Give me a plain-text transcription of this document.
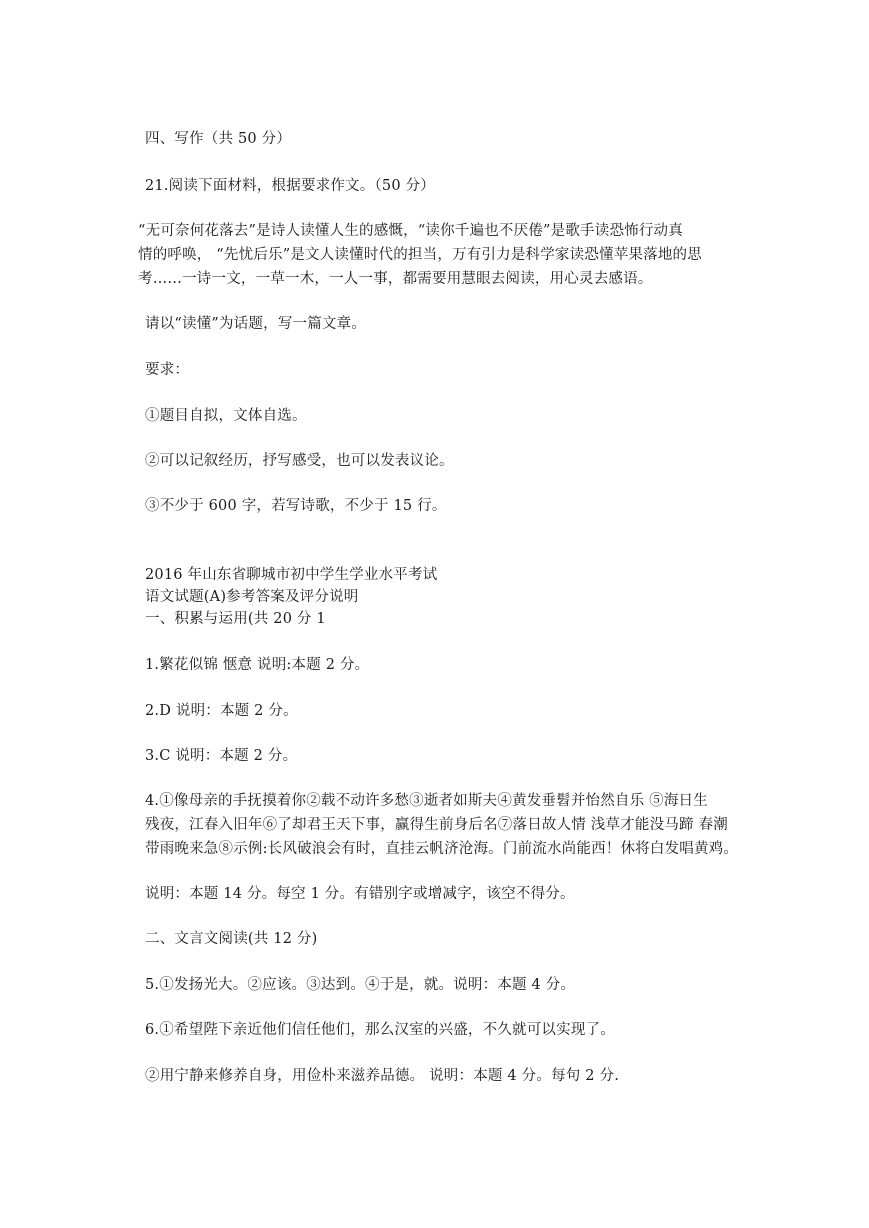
四、写作（共 50 分）
21.阅读下面材料，根据要求作文。（50 分）
“无可奈何花落去”是诗人读懂人生的感慨，“读你千遍也不厌倦”是歌手读恐怖行动真
情的呼唤， “先忧后乐”是文人读懂时代的担当，万有引力是科学家读恐懂苹果落地的思
考……一诗一文，一草一木，一人一事，都需要用慧眼去阅读，用心灵去感语。
请以“读懂”为话题，写一篇文章。
要求：
①题目自拟，文体自选。
②可以记叙经历，抒写感受，也可以发表议论。
③不少于 600 字，若写诗歌，不少于 15 行。
2016 年山东省聊城市初中学生学业水平考试
语文试题(A)参考答案及评分说明
一、积累与运用(共 20 分 1
1.繁花似锦 惬意 说明:本题 2 分。
2.D 说明：本题 2 分。
3.C 说明：本题 2 分。
4.①像母亲的手抚摸着你②载不动许多愁③逝者如斯夫④黄发垂髫并怡然自乐 ⑤海日生
残夜，江春入旧年⑥了却君王天下事，赢得生前身后名⑦落日故人情 浅草才能没马蹄 春潮
带雨晚来急⑧示例:长风破浪会有时，直挂云帆济沧海。门前流水尚能西！休将白发唱黄鸡。
说明：本题 14 分。每空 1 分。有错别字或增减字，该空不得分。
二、文言文阅读(共 12 分)
5.①发扬光大。②应该。③达到。④于是，就。说明：本题 4 分。
6.①希望陛下亲近他们信任他们，那么汉室的兴盛，不久就可以实现了。
②用宁静来修养自身，用俭朴来滋养品德。 说明：本题 4 分。每句 2 分.
